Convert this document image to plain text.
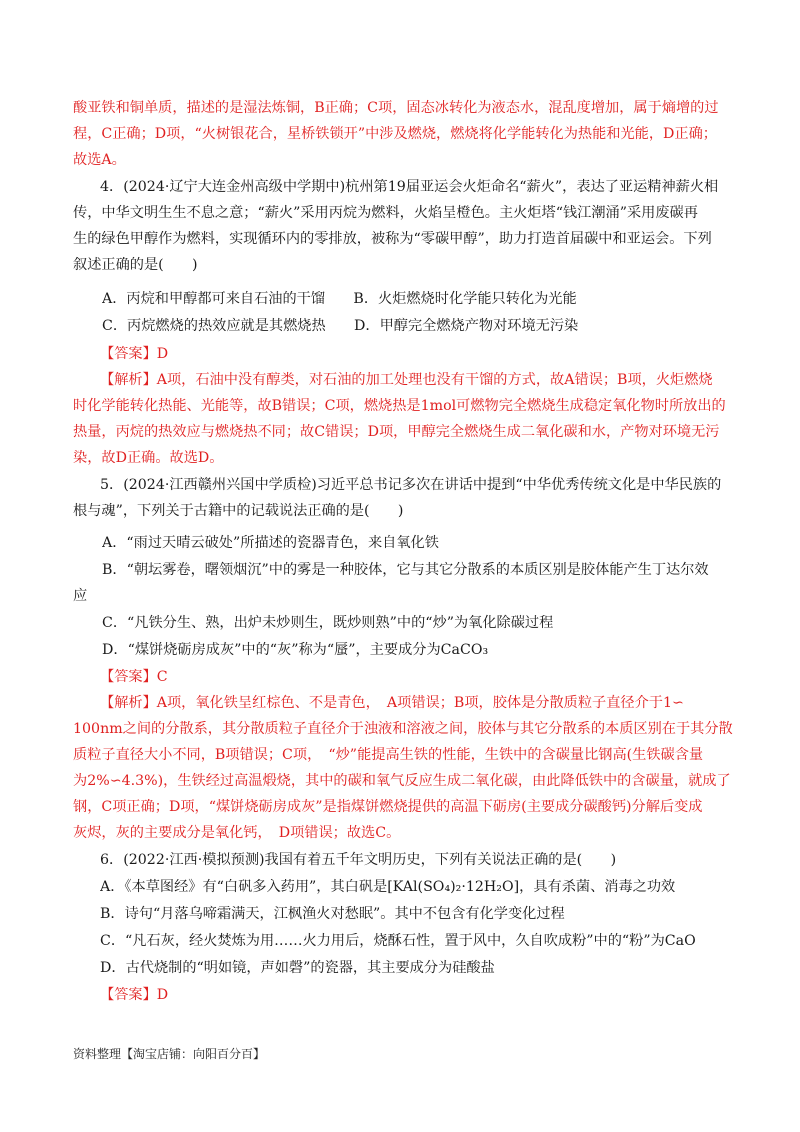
酸亚铁和铜单质，描述的是湿法炼铜，B正确；C项，固态冰转化为液态水，混乱度增加，属于熵增的过
程，C正确；D项，“火树银花合，星桥铁锁开”中涉及燃烧，燃烧将化学能转化为热能和光能，D正确；
故选A。
4．(2024·辽宁大连金州高级中学期中)杭州第19届亚运会火炬命名“薪火”，表达了亚运精神薪火相
传，中华文明生生不息之意；“薪火”采用丙烷为燃料，火焰呈橙色。主火炬塔“钱江潮涌”采用废碳再
生的绿色甲醇作为燃料，实现循环内的零排放，被称为“零碳甲醇”，助力打造首届碳中和亚运会。下列
叙述正确的是(　　)
A．丙烷和甲醇都可来自石油的干馏　　B．火炬燃烧时化学能只转化为光能
C．丙烷燃烧的热效应就是其燃烧热　　D．甲醇完全燃烧产物对环境无污染
【答案】D
【解析】A项，石油中没有醇类，对石油的加工处理也没有干馏的方式，故A错误；B项，火炬燃烧
时化学能转化热能、光能等，故B错误；C项，燃烧热是1mol可燃物完全燃烧生成稳定氧化物时所放出的
热量，丙烷的热效应与燃烧热不同；故C错误；D项，甲醇完全燃烧生成二氧化碳和水，产物对环境无污
染，故D正确。故选D。
5．(2024·江西赣州兴国中学质检)习近平总书记多次在讲话中提到“中华优秀传统文化是中华民族的
根与魂”，下列关于古籍中的记载说法正确的是(　　)
A．“雨过天晴云破处”所描述的瓷器青色，来自氧化铁
B．“朝坛雾卷，曙领烟沉”中的雾是一种胶体，它与其它分散系的本质区别是胶体能产生丁达尔效
应
C．“凡铁分生、熟，出炉未炒则生，既炒则熟”中的“炒”为氧化除碳过程
D．“煤饼烧砺房成灰”中的“灰”称为“蜃”，主要成分为CaCO₃
【答案】C
【解析】A项，氧化铁呈红棕色、不是青色，　A项错误；B项，胶体是分散质粒子直径介于1∽
100nm之间的分散系，其分散质粒子直径介于浊液和溶液之间，胶体与其它分散系的本质区别在于其分散
质粒子直径大小不同，B项错误；C项，　“炒”能提高生铁的性能，生铁中的含碳量比钢高(生铁碳含量
为2%∽4.3%)，生铁经过高温煅烧，其中的碳和氧气反应生成二氧化碳，由此降低铁中的含碳量，就成了
钢，C项正确；D项，“煤饼烧砺房成灰”是指煤饼燃烧提供的高温下砺房(主要成分碳酸钙)分解后变成
灰烬，灰的主要成分是氧化钙，　D项错误；故选C。
6．(2022·江西·模拟预测)我国有着五千年文明历史，下列有关说法正确的是(　　)
A．《本草图经》有“白矾多入药用”，其白矾是[KAl(SO₄)₂·12H₂O]，具有杀菌、消毒之功效
B．诗句“月落乌啼霜满天，江枫渔火对愁眠”。其中不包含有化学变化过程
C．“凡石灰，经火焚炼为用……火力用后，烧酥石性，置于风中，久自吹成粉”中的“粉”为CaO
D．古代烧制的“明如镜，声如磬”的瓷器，其主要成分为硅酸盐
【答案】D
资料整理【淘宝店铺：向阳百分百】
